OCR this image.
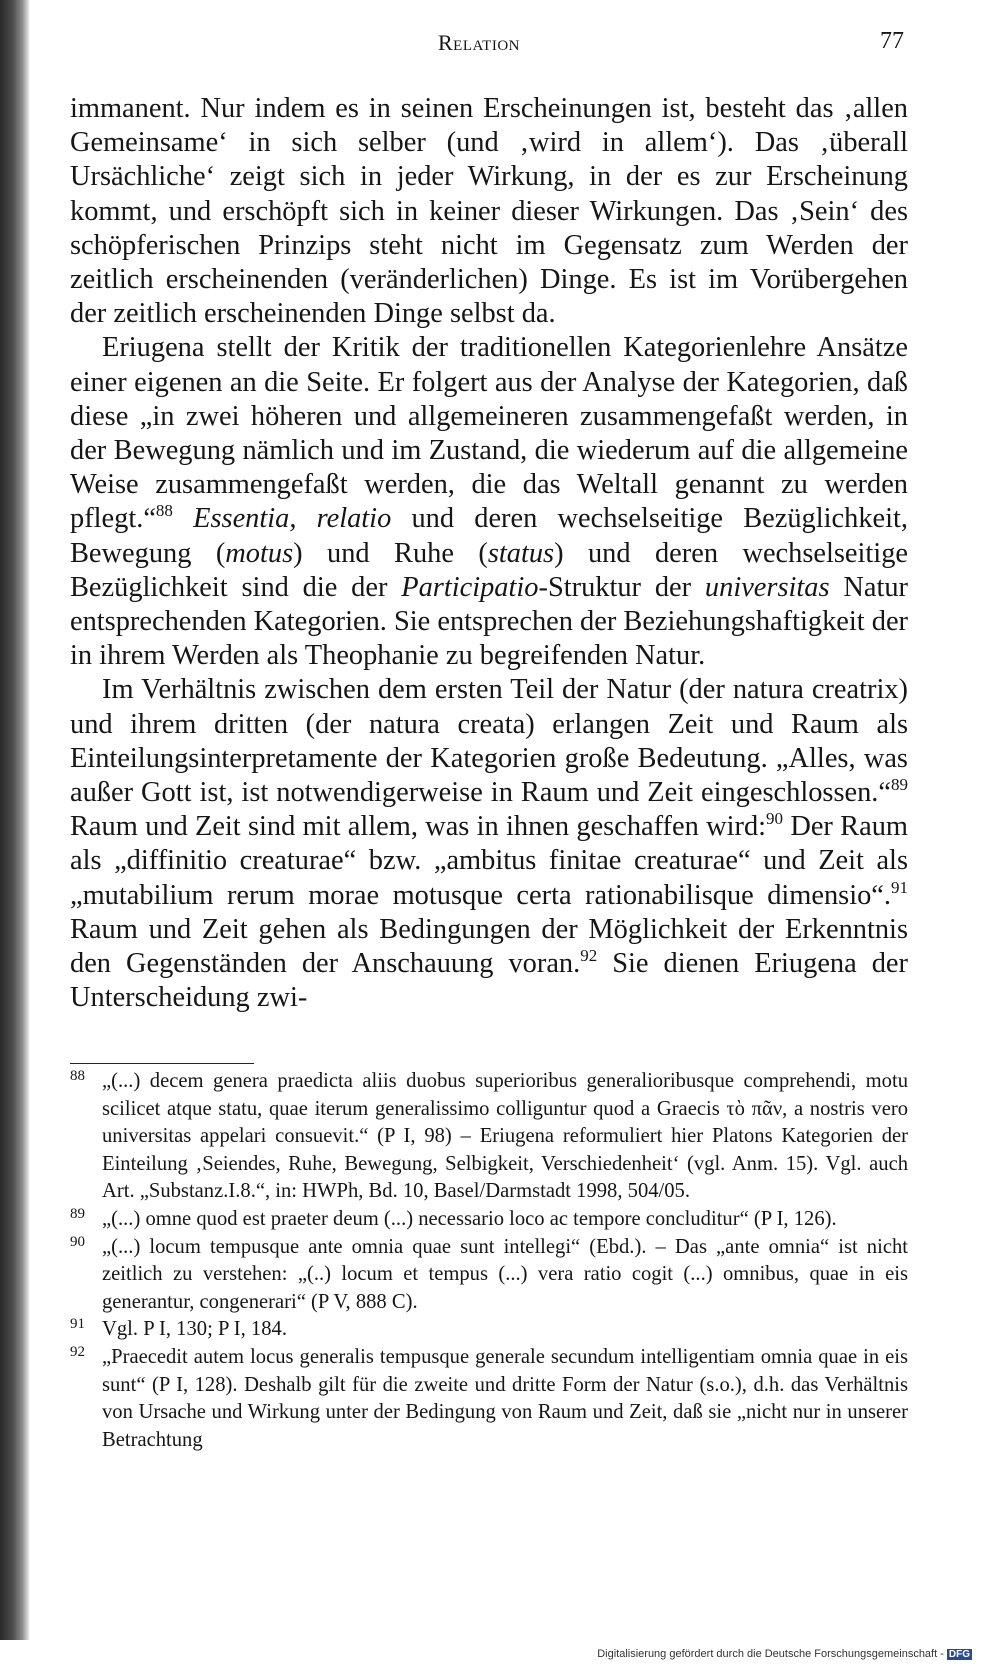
Relation	77

immanent. Nur indem es in seinen Erscheinungen ist, besteht das ‚allen Gemeinsame‘ in sich selber (und ‚wird in allem‘). Das ‚überall Ursächliche‘ zeigt sich in jeder Wirkung, in der es zur Erscheinung kommt, und erschöpft sich in keiner dieser Wirkungen. Das ‚Sein‘ des schöpferischen Prinzips steht nicht im Gegensatz zum Werden der zeitlich erscheinenden (veränderlichen) Dinge. Es ist im Vorübergehen der zeitlich erscheinenden Dinge selbst da.

Eriugena stellt der Kritik der traditionellen Kategorienlehre Ansätze einer eigenen an die Seite. Er folgert aus der Analyse der Kategorien, daß diese „in zwei höheren und allgemeineren zusammengefaßt werden, in der Bewegung nämlich und im Zustand, die wiederum auf die allgemeine Weise zusammengefaßt werden, die das Weltall genannt zu werden pflegt.“$^{88}$ Essentia, relatio und deren wechselseitige Bezüglichkeit, Bewegung (motus) und Ruhe (status) und deren wechselseitige Bezüglichkeit sind die der Participatio-Struktur der universitas Natur entsprechenden Kategorien. Sie entsprechen der Beziehungshaftigkeit der in ihrem Werden als Theophanie zu begreifenden Natur.

Im Verhältnis zwischen dem ersten Teil der Natur (der natura creatrix) und ihrem dritten (der natura creata) erlangen Zeit und Raum als Einteilungsinterpretamente der Kategorien große Bedeutung. „Alles, was außer Gott ist, ist notwendigerweise in Raum und Zeit eingeschlossen.“$^{89}$ Raum und Zeit sind mit allem, was in ihnen geschaffen wird:$^{90}$ Der Raum als „diffinitio creaturae“ bzw. „ambitus finitae creaturae“ und Zeit als „mutabilium rerum morae motusque certa rationabilisque dimensio“.$^{91}$ Raum und Zeit gehen als Bedingungen der Möglichkeit der Erkenntnis den Gegenständen der Anschauung voran.$^{92}$ Sie dienen Eriugena der Unterscheidung zwi-

88 „(...) decem genera praedicta aliis duobus superioribus generalioribusque comprehendi, motu scilicet atque statu, quae iterum generalissimo colliguntur quod a Graecis τὸ πᾶν, a nostris vero universitas appelari consuevit.“ (P I, 98) – Eriugena reformuliert hier Platons Kategorien der Einteilung ‚Seiendes, Ruhe, Bewegung, Selbigkeit, Verschiedenheit‘ (vgl. Anm. 15). Vgl. auch Art. „Substanz.I.8.“, in: HWPh, Bd. 10, Basel/Darmstadt 1998, 504/05.
89 „(...) omne quod est praeter deum (...) necessario loco ac tempore concluditur“ (P I, 126).
90 „(...) locum tempusque ante omnia quae sunt intellegi“ (Ebd.). – Das „ante omnia“ ist nicht zeitlich zu verstehen: „(..) locum et tempus (...) vera ratio cogit (...) omnibus, quae in eis generantur, congenerari“ (P V, 888 C).
91 Vgl. P I, 130; P I, 184.
92 „Praecedit autem locus generalis tempusque generale secundum intelligentiam omnia quae in eis sunt“ (P I, 128). Deshalb gilt für die zweite und dritte Form der Natur (s.o.), d.h. das Verhältnis von Ursache und Wirkung unter der Bedingung von Raum und Zeit, daß sie „nicht nur in unserer Betrachtung
Digitalisierung gefördert durch die Deutsche Forschungsgemeinschaft - DFG
